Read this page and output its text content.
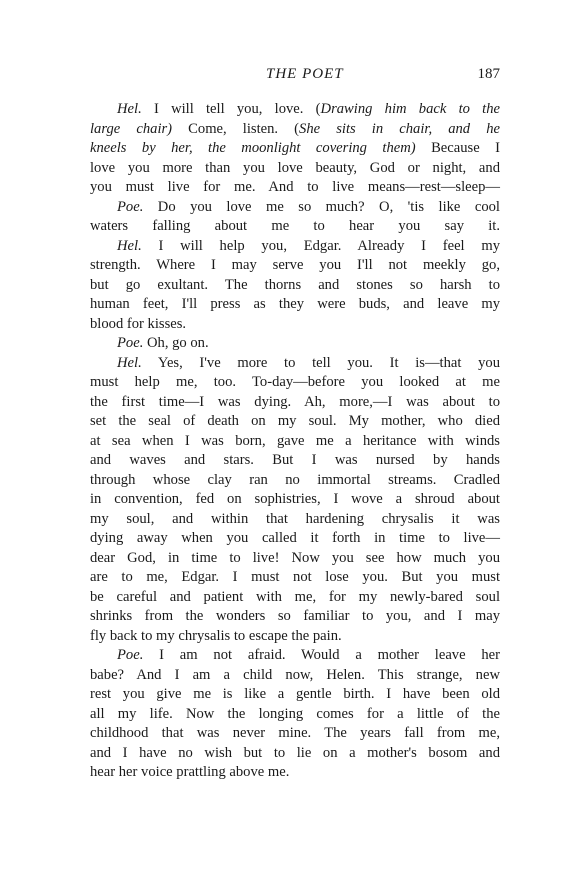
THE POET	187
Hel. I will tell you, love. (Drawing him back to the
large chair) Come, listen. (She sits in chair, and he
kneels by her, the moonlight covering them) Because I
love you more than you love beauty, God or night, and
you must live for me. And to live means—rest—sleep—
Poe. Do you love me so much? O, 'tis like cool
waters falling about me to hear you say it.
Hel. I will help you, Edgar. Already I feel my
strength. Where I may serve you I'll not meekly go,
but go exultant. The thorns and stones so harsh to
human feet, I'll press as they were buds, and leave my
blood for kisses.
Poe. Oh, go on.
Hel. Yes, I've more to tell you. It is—that you
must help me, too. To-day—before you looked at me
the first time—I was dying. Ah, more,—I was about to
set the seal of death on my soul. My mother, who died
at sea when I was born, gave me a heritance with winds
and waves and stars. But I was nursed by hands
through whose clay ran no immortal streams. Cradled
in convention, fed on sophistries, I wove a shroud about
my soul, and within that hardening chrysalis it was
dying away when you called it forth in time to live—
dear God, in time to live! Now you see how much you
are to me, Edgar. I must not lose you. But you must
be careful and patient with me, for my newly-bared soul
shrinks from the wonders so familiar to you, and I may
fly back to my chrysalis to escape the pain.
Poe. I am not afraid. Would a mother leave her
babe? And I am a child now, Helen. This strange, new
rest you give me is like a gentle birth. I have been old
all my life. Now the longing comes for a little of the
childhood that was never mine. The years fall from me,
and I have no wish but to lie on a mother's bosom and
hear her voice prattling above me.
